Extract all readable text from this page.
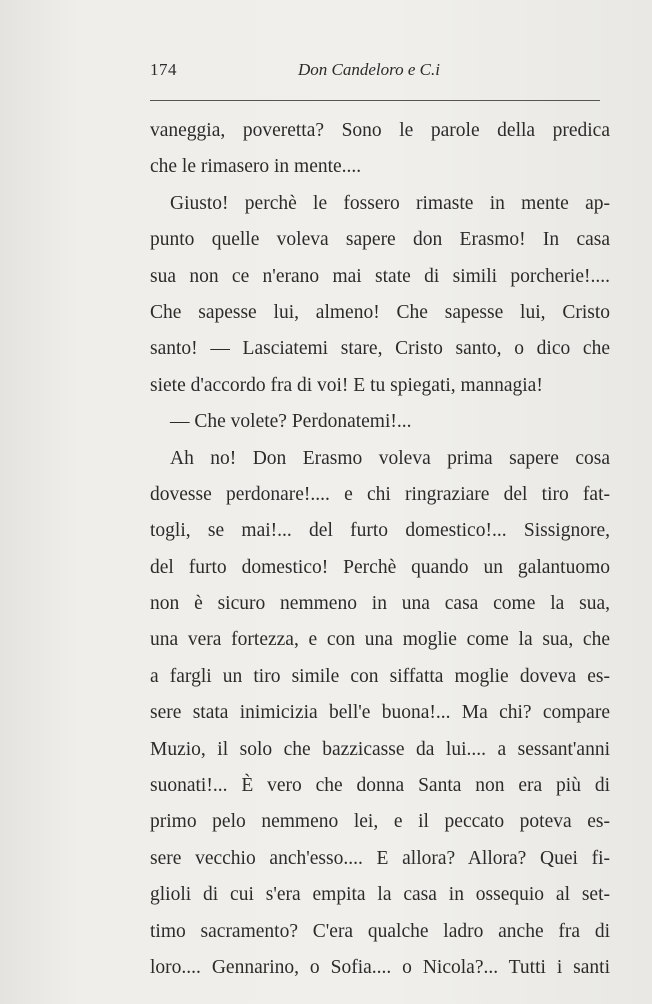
174	Don Candeloro e C.i
vaneggia, poveretta? Sono le parole della predica
che le rimasero in mente....
Giusto! perchè le fossero rimaste in mente ap-
punto quelle voleva sapere don Erasmo! In casa
sua non ce n'erano mai state di simili porcherie!....
Che sapesse lui, almeno! Che sapesse lui, Cristo
santo! — Lasciatemi stare, Cristo santo, o dico che
siete d'accordo fra di voi! E tu spiegati, mannagia!
— Che volete? Perdonatemi!...
Ah no! Don Erasmo voleva prima sapere cosa
dovesse perdonare!.... e chi ringraziare del tiro fat-
togli, se mai!... del furto domestico!... Sissignore,
del furto domestico! Perchè quando un galantuomo
non è sicuro nemmeno in una casa come la sua,
una vera fortezza, e con una moglie come la sua, che
a fargli un tiro simile con siffatta moglie doveva es-
sere stata inimicizia bell'e buona!... Ma chi? compare
Muzio, il solo che bazzicasse da lui.... a sessant'anni
suonati!... È vero che donna Santa non era più di
primo pelo nemmeno lei, e il peccato poteva es-
sere vecchio anch'esso.... E allora? Allora? Quei fi-
glioli di cui s'era empita la casa in ossequio al set-
timo sacramento? C'era qualche ladro anche fra di
loro.... Gennarino, o Sofia.... o Nicola?... Tutti i santi
